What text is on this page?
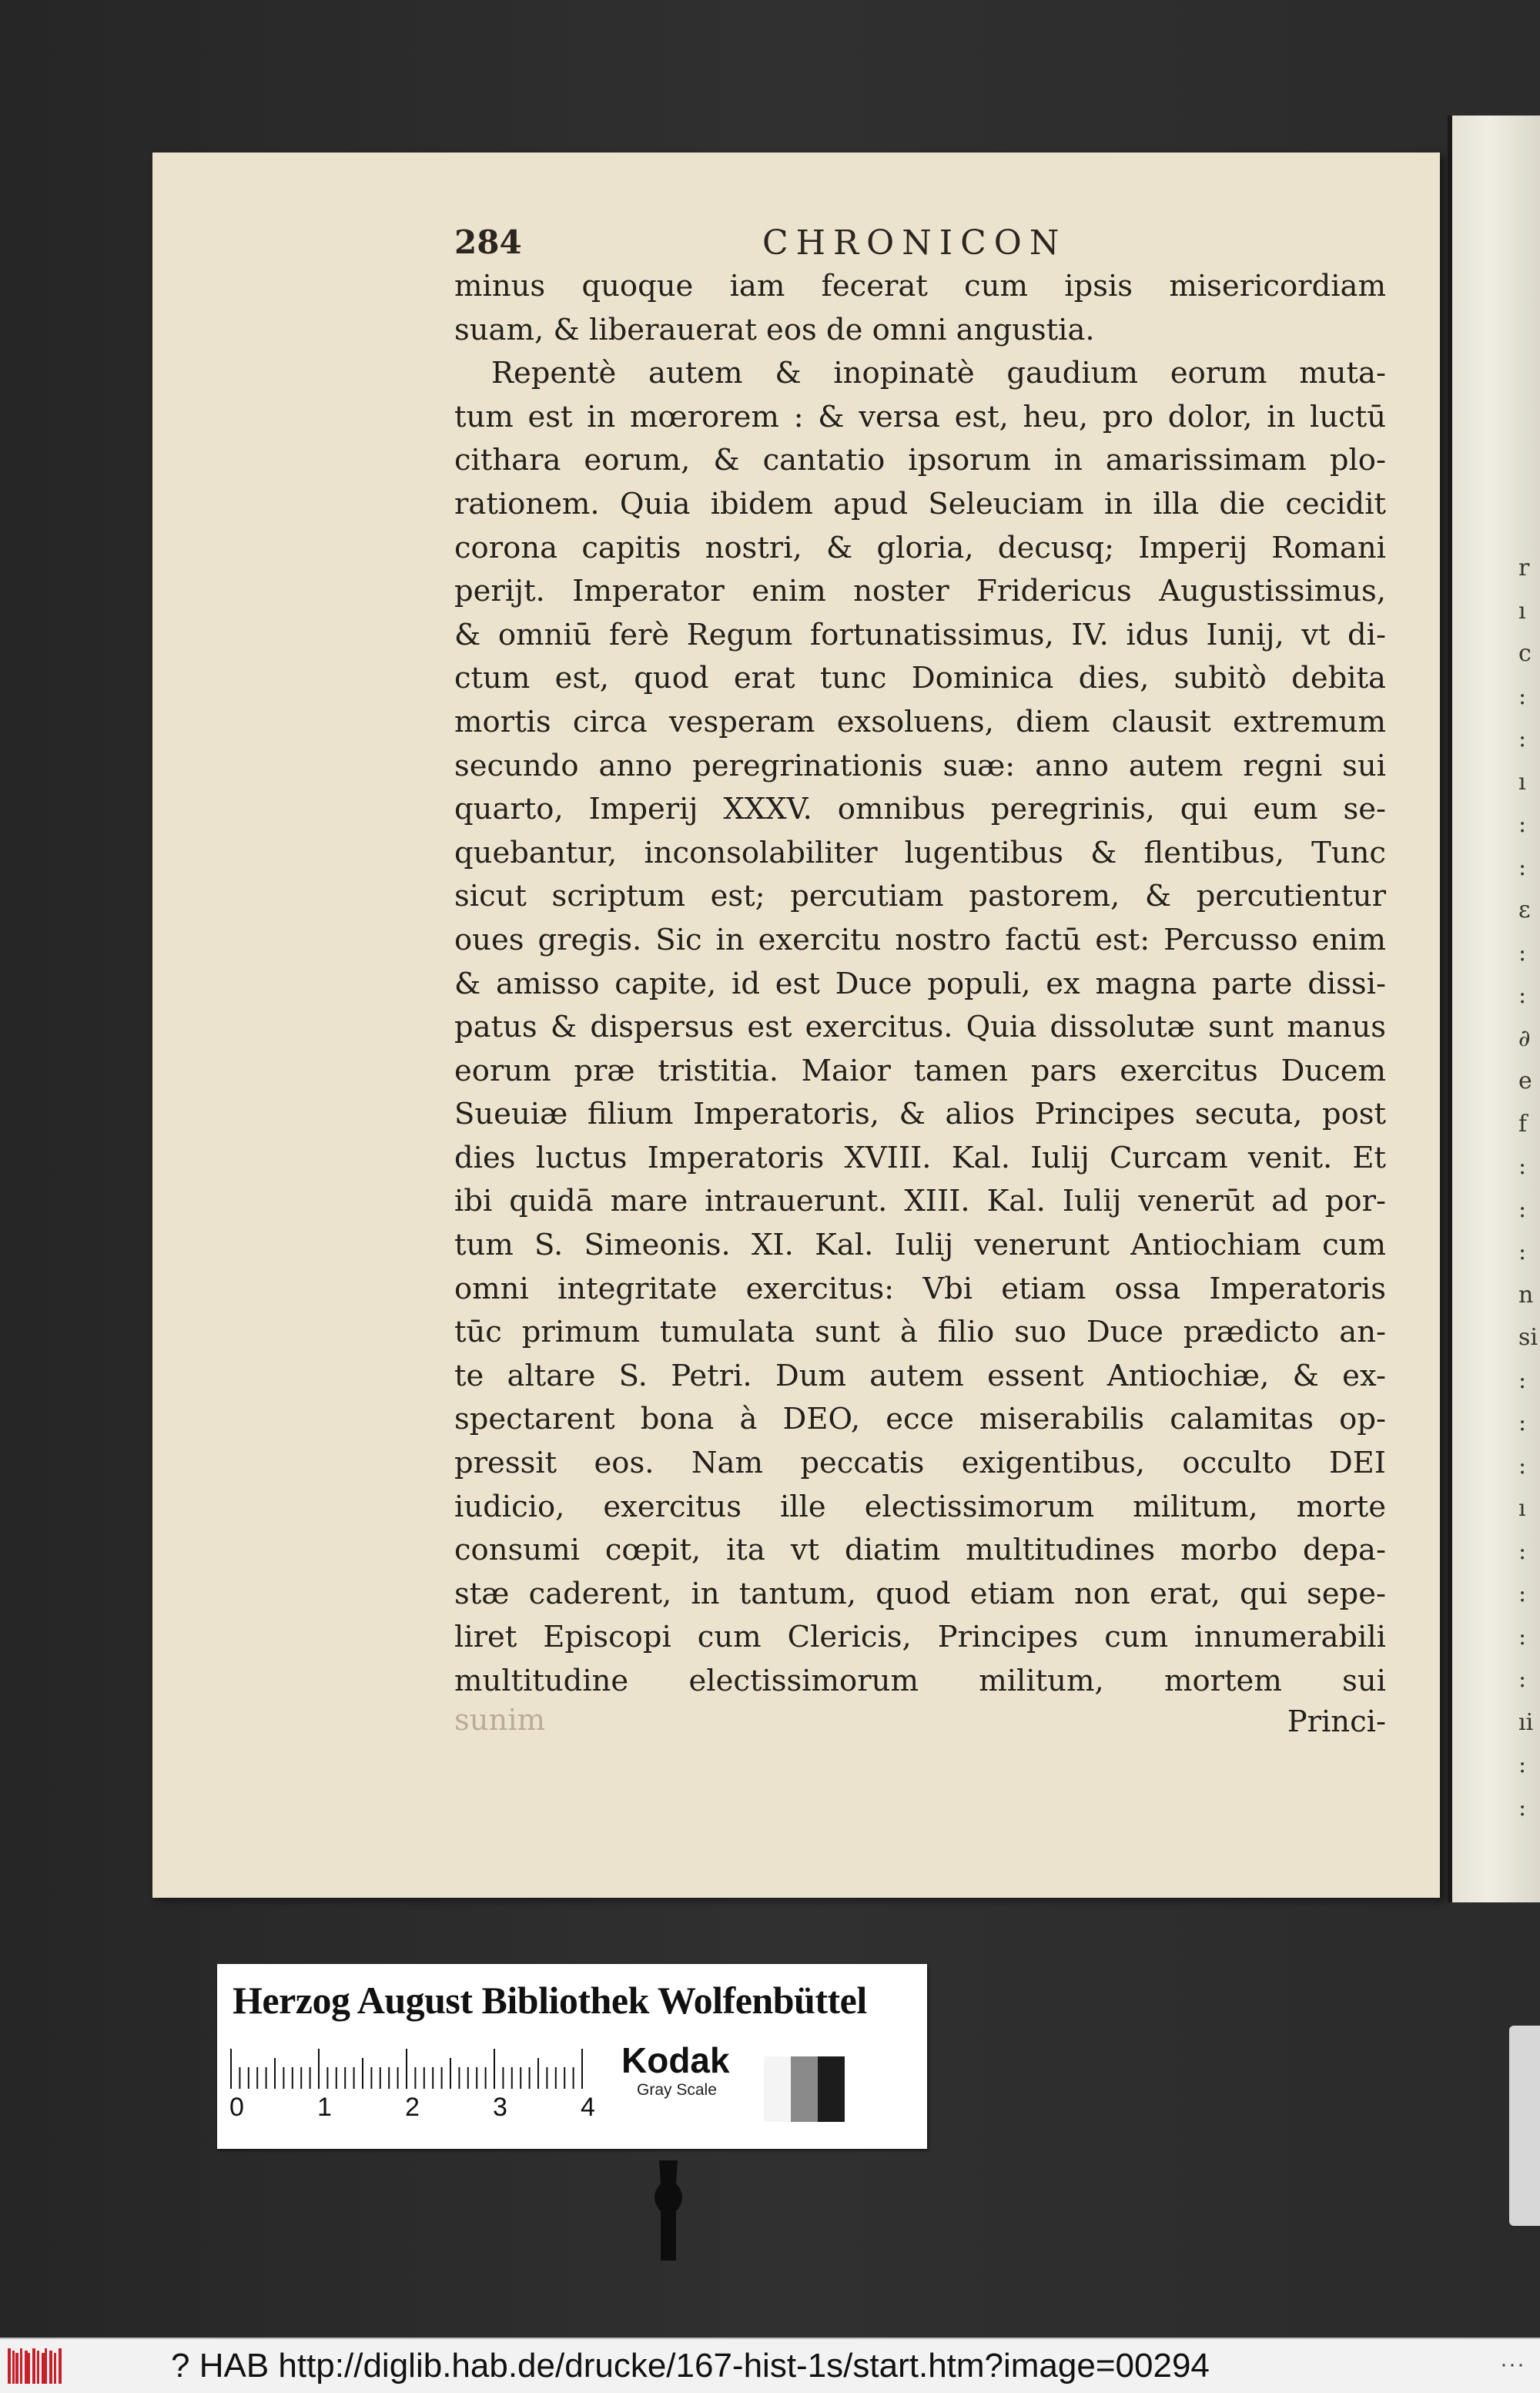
r
ı
c
:
:
ı
:
:
ε
:
:
∂
e
f
:
:
:
n
si
:
:
:
ı
:
:
:
:
ıi
:
:
284	CHRONICON
minus quoque iam fecerat cum ipsis misericordiam
suam, & liberauerat eos de omni angustia.
Repentè autem & inopinatè gaudium eorum muta-
tum est in mœrorem : & versa est, heu, pro dolor, in luctū
cithara eorum, & cantatio ipsorum in amarissimam plo-
rationem. Quia ibidem apud Seleuciam in illa die cecidit
corona capitis nostri, & gloria, decusq; Imperij Romani
perijt. Imperator enim noster Fridericus Augustissimus,
& omniū ferè Regum fortunatissimus, IV. idus Iunij, vt di-
ctum est, quod erat tunc Dominica dies, subitò debita
mortis circa vesperam exsoluens, diem clausit extremum
secundo anno peregrinationis suæ: anno autem regni sui
quarto, Imperij XXXV. omnibus peregrinis, qui eum se-
quebantur, inconsolabiliter lugentibus & flentibus, Tunc
sicut scriptum est; percutiam pastorem, & percutientur
oues gregis. Sic in exercitu nostro factū est: Percusso enim
& amisso capite, id est Duce populi, ex magna parte dissi-
patus & dispersus est exercitus. Quia dissolutæ sunt manus
eorum præ tristitia. Maior tamen pars exercitus Ducem
Sueuiæ filium Imperatoris, & alios Principes secuta, post
dies luctus Imperatoris XVIII. Kal. Iulij Curcam venit. Et
ibi quidā mare intrauerunt. XIII. Kal. Iulij venerūt ad por-
tum S. Simeonis. XI. Kal. Iulij venerunt Antiochiam cum
omni integritate exercitus: Vbi etiam ossa Imperatoris
tūc primum tumulata sunt à filio suo Duce prædicto an-
te altare S. Petri. Dum autem essent Antiochiæ, & ex-
spectarent bona à DEO, ecce miserabilis calamitas op-
pressit eos. Nam peccatis exigentibus, occulto DEI
iudicio, exercitus ille electissimorum militum, morte
consumi cœpit, ita vt diatim multitudines morbo depa-
stæ caderent, in tantum, quod etiam non erat, qui sepe-
liret Episcopi cum Clericis, Principes cum innumerabili
multitudine electissimorum militum, mortem sui
sunim	Princi-
Herzog August Bibliothek Wolfenbüttel
0	1	2	3	4
Kodak
Gray Scale
? HAB http://diglib.hab.de/drucke/167-hist-1s/start.htm?image=00294	···
